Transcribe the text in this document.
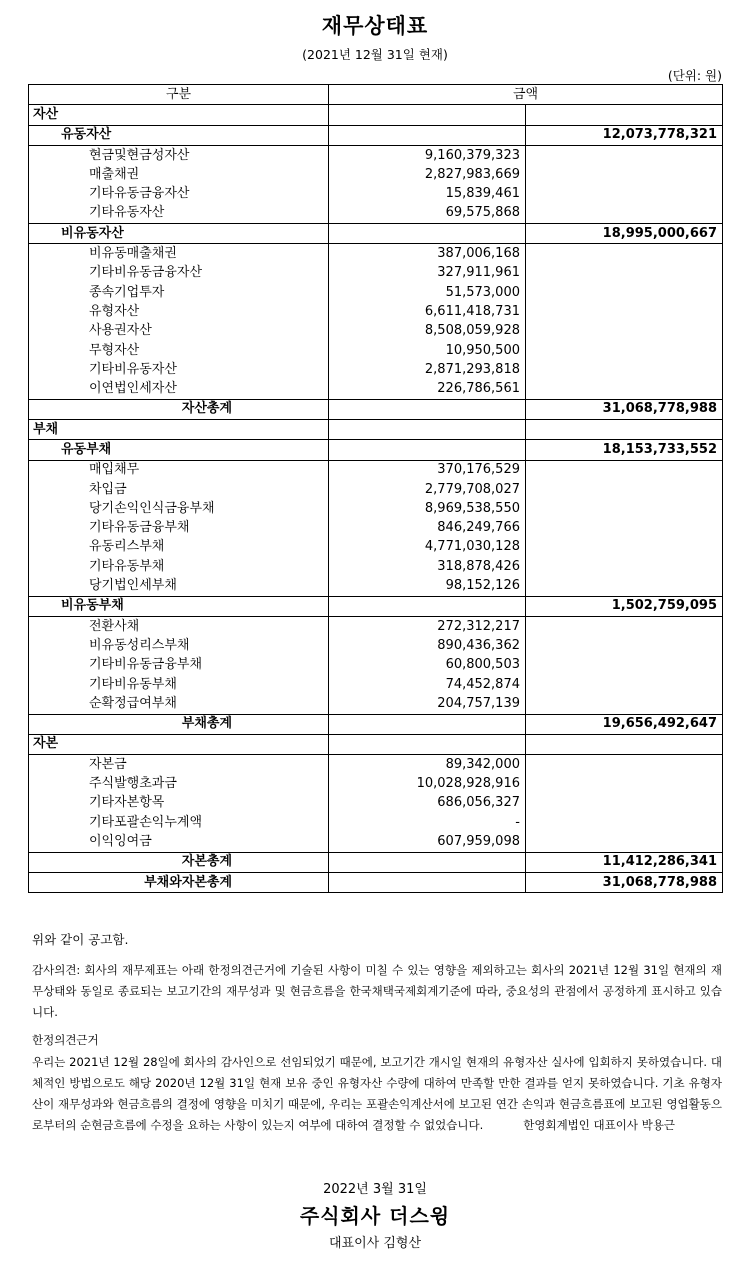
재무상태표
(2021년 12월 31일 현재)
(단위: 원)
구분	금액	
자산		
유동자산		12,073,778,321
현금및현금성자산	9,160,379,323	
매출채권	2,827,983,669	
기타유동금융자산	15,839,461	
기타유동자산	69,575,868	
비유동자산		18,995,000,667
비유동매출채권	387,006,168	
기타비유동금융자산	327,911,961	
종속기업투자	51,573,000	
유형자산	6,611,418,731	
사용권자산	8,508,059,928	
무형자산	10,950,500	
기타비유동자산	2,871,293,818	
이연법인세자산	226,786,561	
자산총계		31,068,778,988
부채		
유동부채		18,153,733,552
매입채무	370,176,529	
차입금	2,779,708,027	
당기손익인식금융부채	8,969,538,550	
기타유동금융부채	846,249,766	
유동리스부채	4,771,030,128	
기타유동부채	318,878,426	
당기법인세부채	98,152,126	
비유동부채		1,502,759,095
전환사채	272,312,217	
비유동성리스부채	890,436,362	
기타비유동금융부채	60,800,503	
기타비유동부채	74,452,874	
순확정급여부채	204,757,139	
부채총계		19,656,492,647
자본		
자본금	89,342,000	
주식발행초과금	10,028,928,916	
기타자본항목	686,056,327	
기타포괄손익누계액	-	
이익잉여금	607,959,098	
자본총계		11,412,286,341
부채와자본총계		31,068,778,988
위와 같이 공고함.
감사의견: 회사의 재무제표는 아래 한정의견근거에 기술된 사항이 미칠 수 있는 영향을 제외하고는 회사의 2021년 12월 31일 현재의 재무상태와 동일로 종료되는 보고기간의 재무성과 및 현금흐름을 한국채택국제회계기준에 따라, 중요성의 관점에서 공정하게 표시하고 있습니다.
한정의견근거
우리는 2021년 12월 28일에 회사의 감사인으로 선임되었기 때문에, 보고기간 개시일 현재의 유형자산 실사에 입회하지 못하였습니다. 대체적인 방법으로도 해당 2020년 12월 31일 현재 보유 중인 유형자산 수량에 대하여 만족할 만한 결과를 얻지 못하였습니다. 기초 유형자산이 재무성과와 현금흐름의 결정에 영향을 미치기 때문에, 우리는 포괄손익계산서에 보고된 연간 손익과 현금흐름표에 보고된 영업활동으로부터의 순현금흐름에 수정을 요하는 사항이 있는지 여부에 대하여 결정할 수 없었습니다.	한영회계법인 대표이사 박용근
2022년 3월 31일
주식회사 더스윙
대표이사 김형산
